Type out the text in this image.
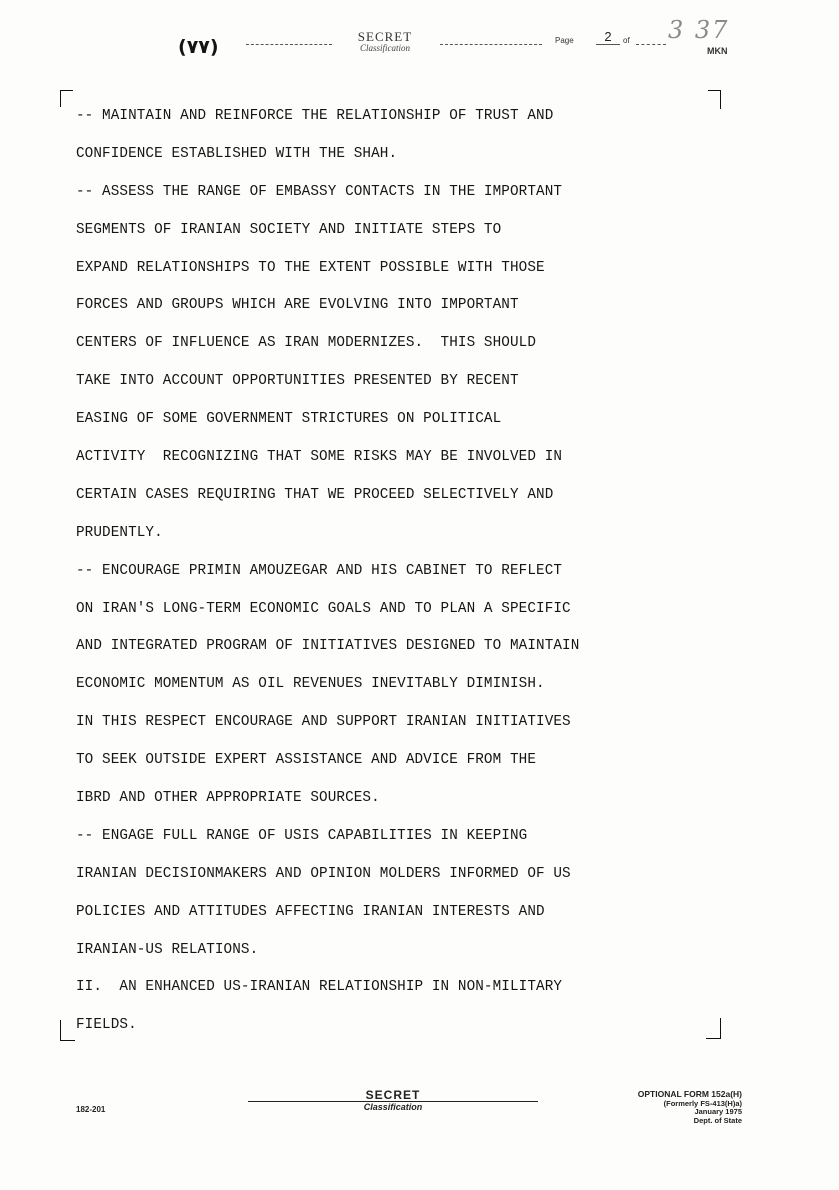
(٧٧)	SECRET
Classification
Page	2	of 3 37
MKN
-- MAINTAIN AND REINFORCE THE RELATIONSHIP OF TRUST AND
CONFIDENCE ESTABLISHED WITH THE SHAH.
-- ASSESS THE RANGE OF EMBASSY CONTACTS IN THE IMPORTANT
SEGMENTS OF IRANIAN SOCIETY AND INITIATE STEPS TO
EXPAND RELATIONSHIPS TO THE EXTENT POSSIBLE WITH THOSE
FORCES AND GROUPS WHICH ARE EVOLVING INTO IMPORTANT
CENTERS OF INFLUENCE AS IRAN MODERNIZES.  THIS SHOULD
TAKE INTO ACCOUNT OPPORTUNITIES PRESENTED BY RECENT
EASING OF SOME GOVERNMENT STRICTURES ON POLITICAL
ACTIVITY  RECOGNIZING THAT SOME RISKS MAY BE INVOLVED IN
CERTAIN CASES REQUIRING THAT WE PROCEED SELECTIVELY AND
PRUDENTLY.
-- ENCOURAGE PRIMIN AMOUZEGAR AND HIS CABINET TO REFLECT
ON IRAN'S LONG-TERM ECONOMIC GOALS AND TO PLAN A SPECIFIC
AND INTEGRATED PROGRAM OF INITIATIVES DESIGNED TO MAINTAIN
ECONOMIC MOMENTUM AS OIL REVENUES INEVITABLY DIMINISH.
IN THIS RESPECT ENCOURAGE AND SUPPORT IRANIAN INITIATIVES
TO SEEK OUTSIDE EXPERT ASSISTANCE AND ADVICE FROM THE
IBRD AND OTHER APPROPRIATE SOURCES.
-- ENGAGE FULL RANGE OF USIS CAPABILITIES IN KEEPING
IRANIAN DECISIONMAKERS AND OPINION MOLDERS INFORMED OF US
POLICIES AND ATTITUDES AFFECTING IRANIAN INTERESTS AND
IRANIAN-US RELATIONS.
II.  AN ENHANCED US-IRANIAN RELATIONSHIP IN NON-MILITARY
FIELDS.
182-201
SECRET
Classification
OPTIONAL FORM 152a(H)
(Formerly FS-413(H)a)
January 1975
Dept. of State
